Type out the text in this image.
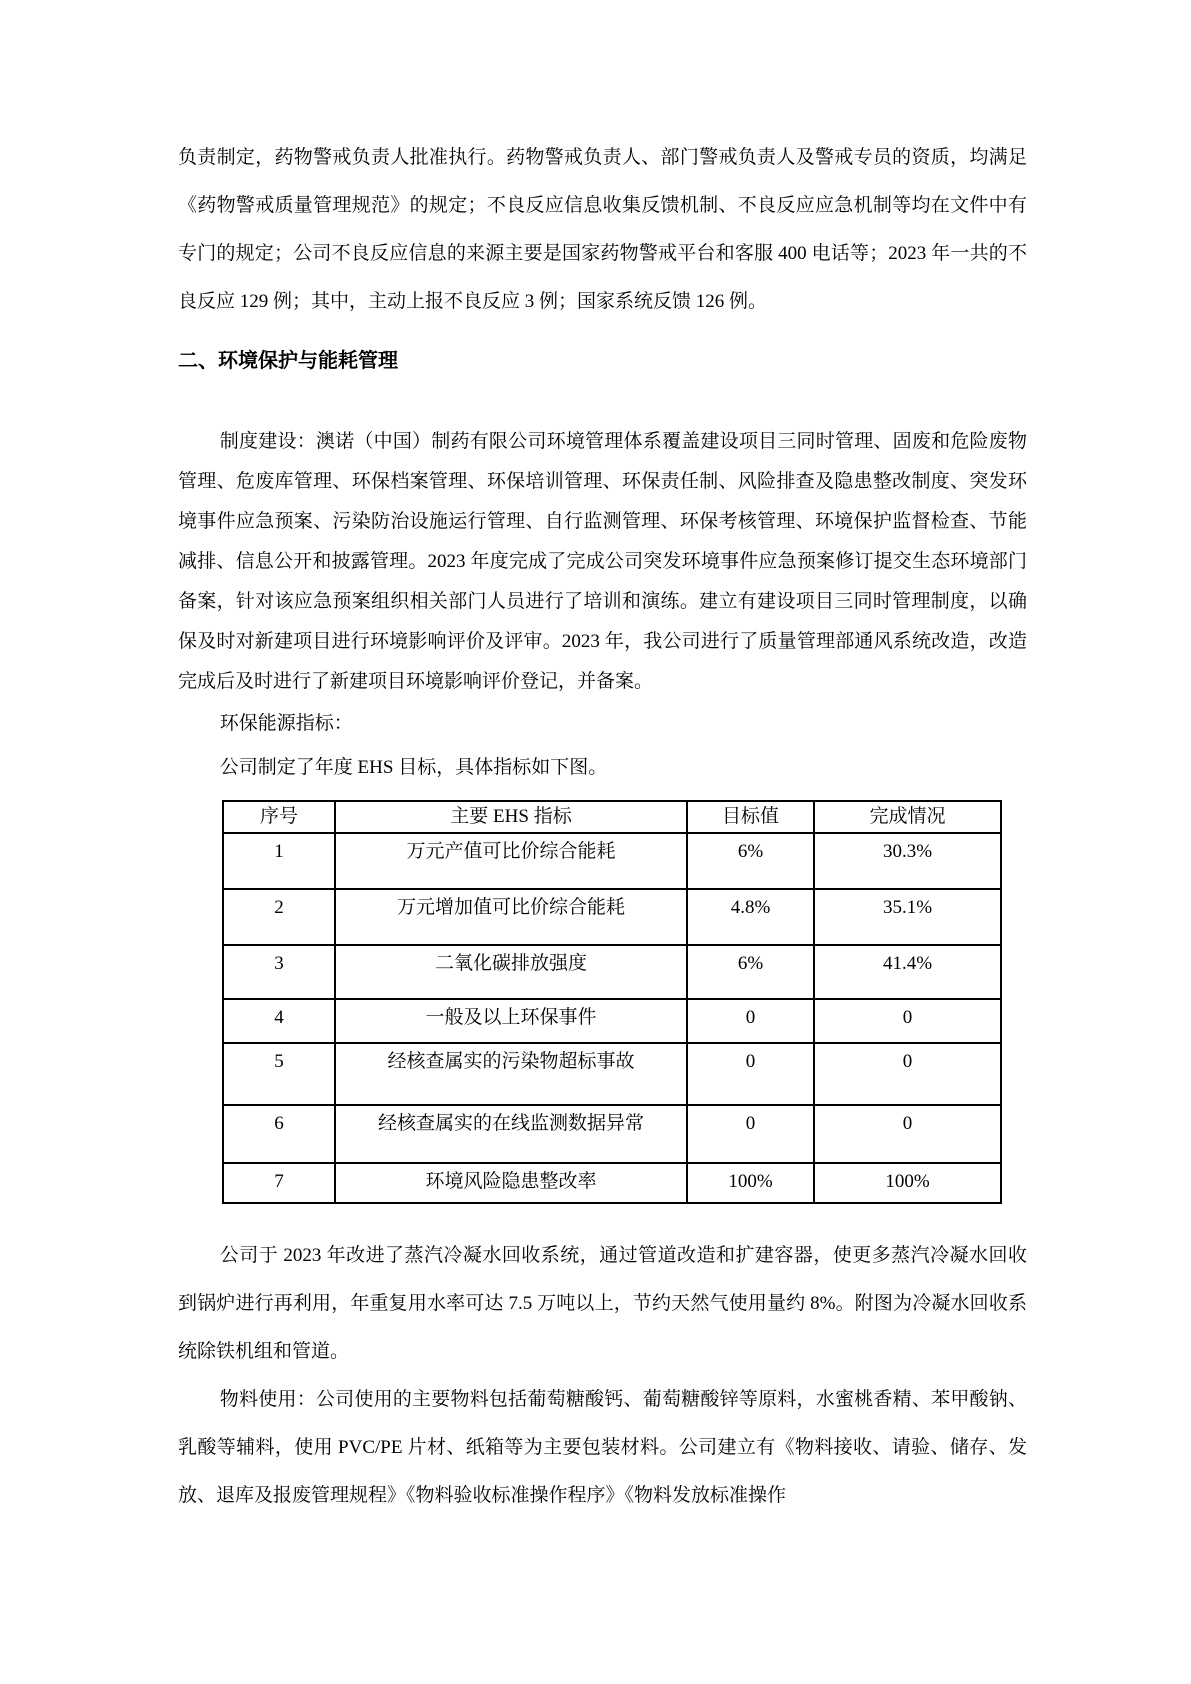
负责制定，药物警戒负责人批准执行。药物警戒负责人、部门警戒负责人及警戒专员的资质，均满足《药物警戒质量管理规范》的规定；不良反应信息收集反馈机制、不良反应应急机制等均在文件中有专门的规定；公司不良反应信息的来源主要是国家药物警戒平台和客服 400 电话等；2023 年一共的不良反应 129 例；其中，主动上报不良反应 3 例；国家系统反馈 126 例。

二、环境保护与能耗管理

制度建设：澳诺（中国）制药有限公司环境管理体系覆盖建设项目三同时管理、固废和危险废物管理、危废库管理、环保档案管理、环保培训管理、环保责任制、风险排查及隐患整改制度、突发环境事件应急预案、污染防治设施运行管理、自行监测管理、环保考核管理、环境保护监督检查、节能减排、信息公开和披露管理。2023 年度完成了完成公司突发环境事件应急预案修订提交生态环境部门备案，针对该应急预案组织相关部门人员进行了培训和演练。建立有建设项目三同时管理制度，以确保及时对新建项目进行环境影响评价及评审。2023 年，我公司进行了质量管理部通风系统改造，改造完成后及时进行了新建项目环境影响评价登记，并备案。

环保能源指标：

公司制定了年度 EHS 目标，具体指标如下图。

序号	主要 EHS 指标	目标值	完成情况
1	万元产值可比价综合能耗	6%	30.3%
2	万元增加值可比价综合能耗	4.8%	35.1%
3	二氧化碳排放强度	6%	41.4%
4	一般及以上环保事件	0	0
5	经核查属实的污染物超标事故	0	0
6	经核查属实的在线监测数据异常	0	0
7	环境风险隐患整改率	100%	100%

公司于 2023 年改进了蒸汽冷凝水回收系统，通过管道改造和扩建容器，使更多蒸汽冷凝水回收到锅炉进行再利用，年重复用水率可达 7.5 万吨以上，节约天然气使用量约 8%。附图为冷凝水回收系统除铁机组和管道。

物料使用：公司使用的主要物料包括葡萄糖酸钙、葡萄糖酸锌等原料，水蜜桃香精、苯甲酸钠、乳酸等辅料，使用 PVC/PE 片材、纸箱等为主要包装材料。公司建立有《物料接收、请验、储存、发放、退库及报废管理规程》《物料验收标准操作程序》《物料发放标准操作
